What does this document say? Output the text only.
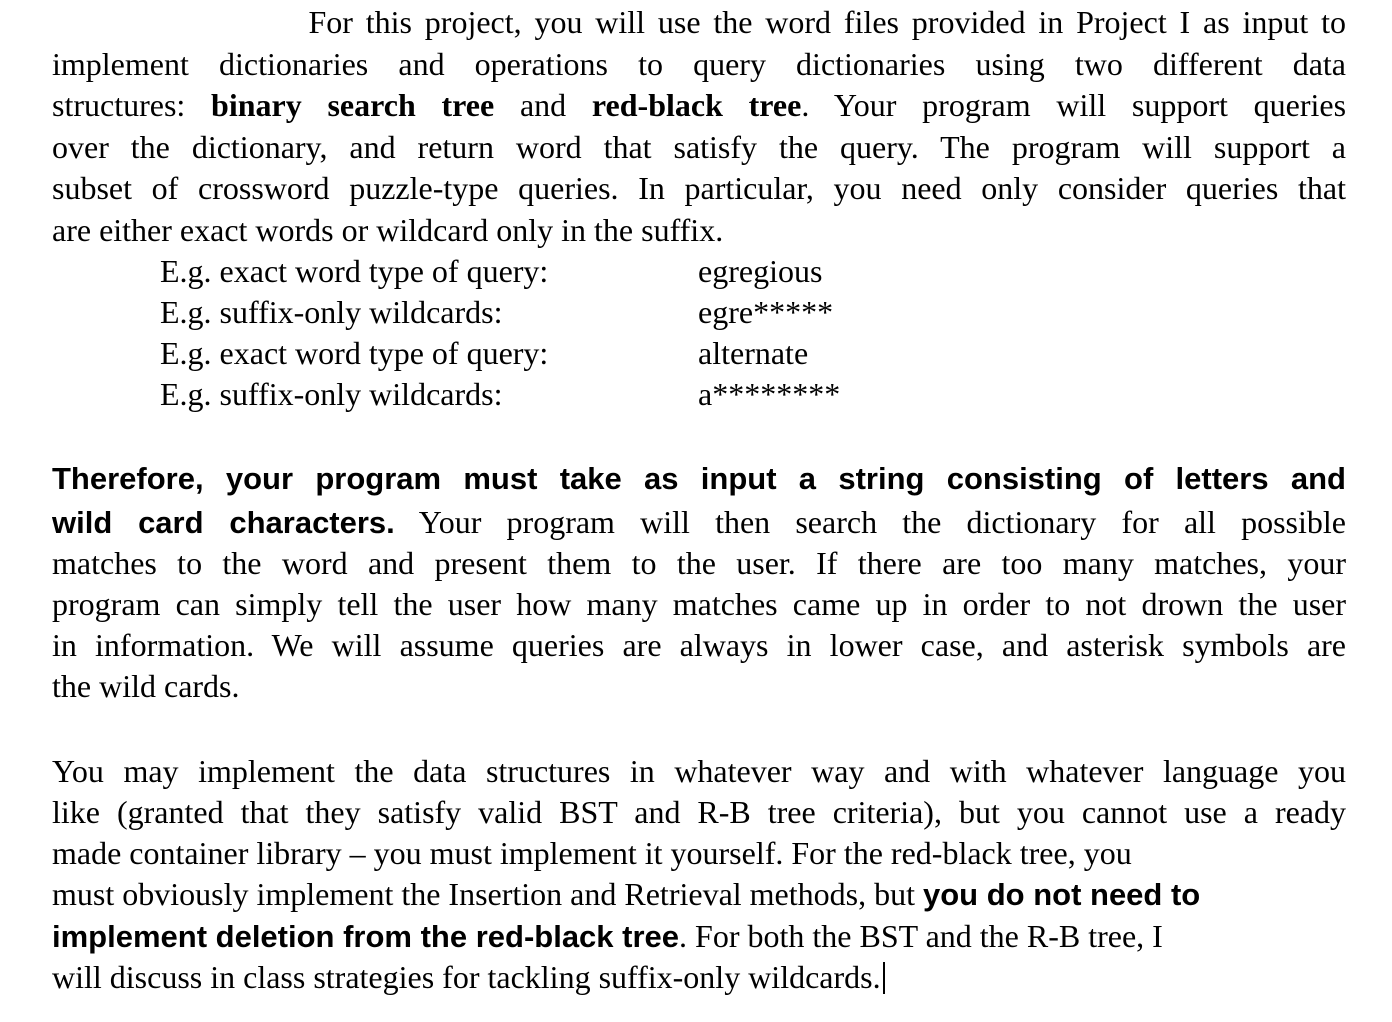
For this project, you will use the word files provided in Project I as input to
implement dictionaries and operations to query dictionaries using two different data
structures: binary search tree and red-black tree. Your program will support queries
over the dictionary, and return word that satisfy the query. The program will support a
subset of crossword puzzle-type queries. In particular, you need only consider queries that
are either exact words or wildcard only in the suffix.
Therefore, your program must take as input a string consisting of letters and
wild card characters. Your program will then search the dictionary for all possible
matches to the word and present them to the user. If there are too many matches, your
program can simply tell the user how many matches came up in order to not drown the user
in information. We will assume queries are always in lower case, and asterisk symbols are
the wild cards.
You may implement the data structures in whatever way and with whatever language you
like (granted that they satisfy valid BST and R-B tree criteria), but you cannot use a ready
made container library – you must implement it yourself. For the red-black tree, you
must obviously implement the Insertion and Retrieval methods, but you do not need to
implement deletion from the red-black tree. For both the BST and the R-B tree, I
will discuss in class strategies for tackling suffix-only wildcards.
E.g. exact word type of query:	egregious
E.g. suffix-only wildcards:	egre*****
E.g. exact word type of query:	alternate
E.g. suffix-only wildcards:	a********
